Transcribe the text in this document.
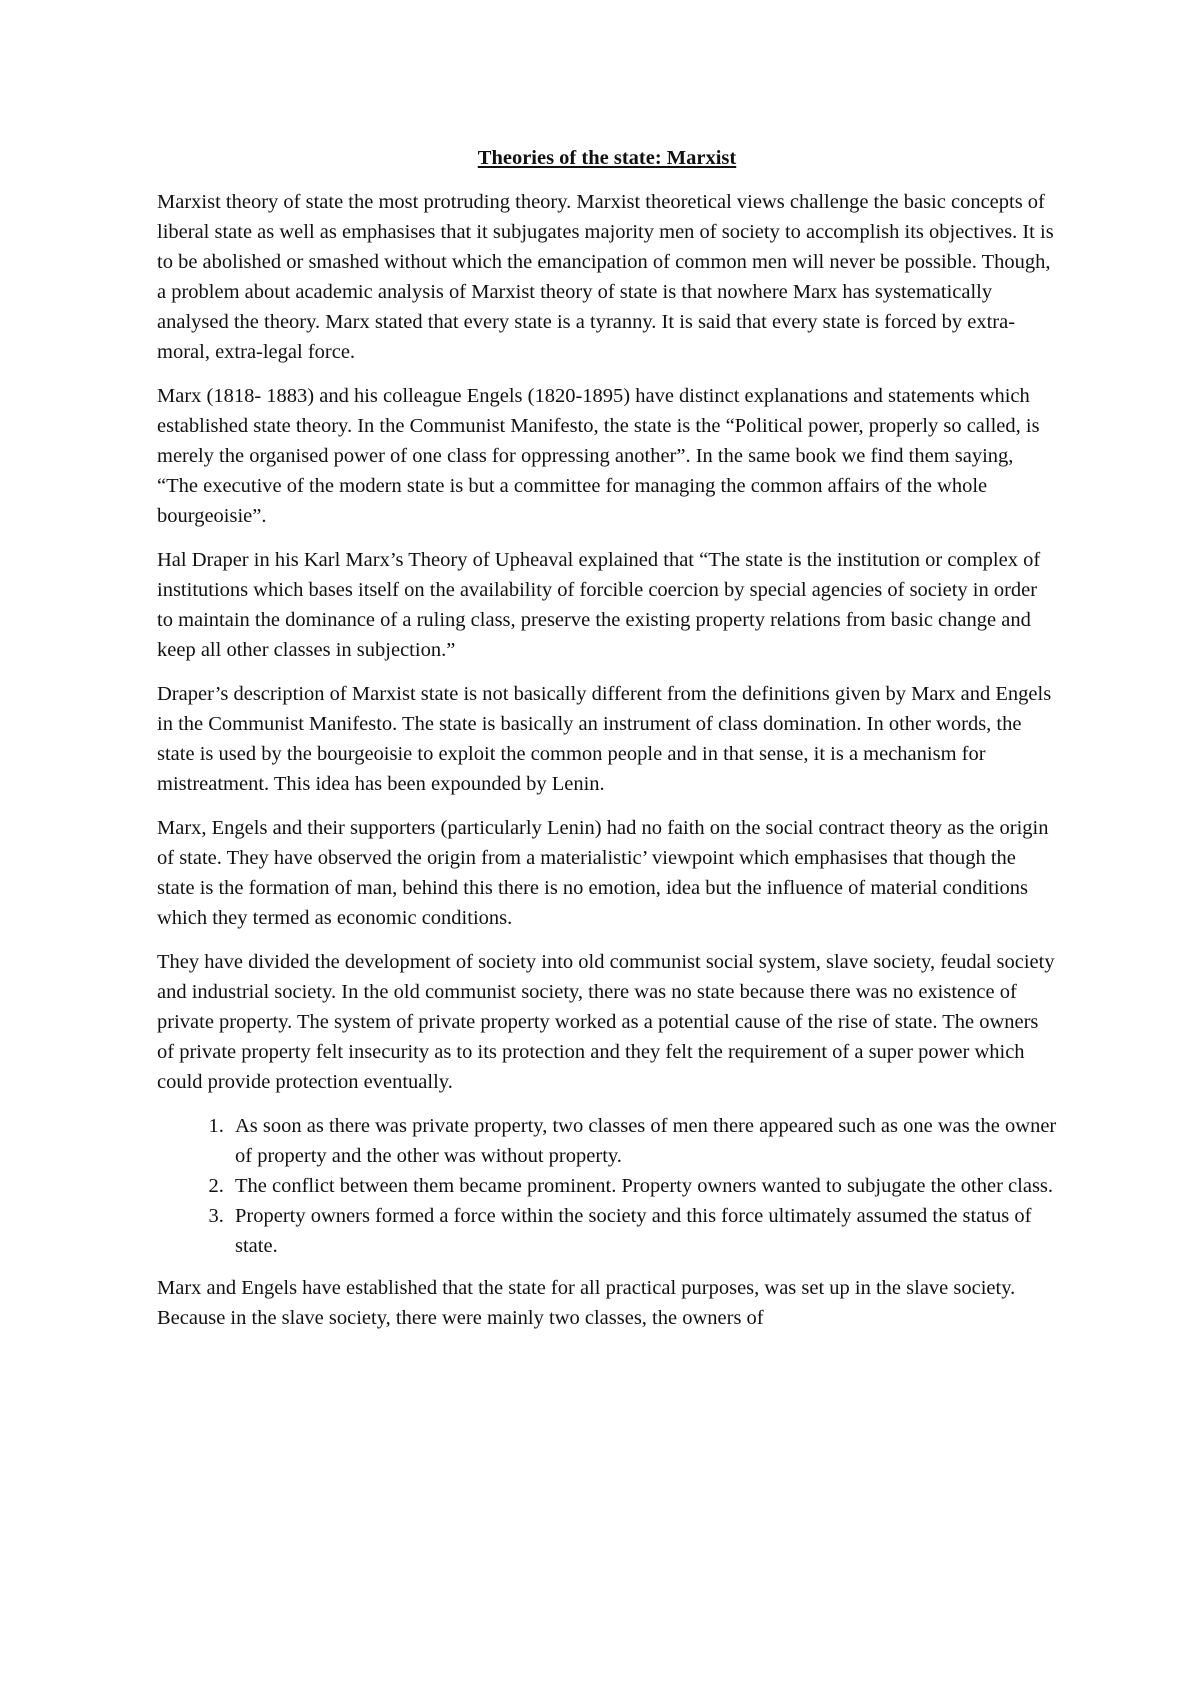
Theories of the state: Marxist

Marxist theory of state the most protruding theory. Marxist theoretical views challenge the basic concepts of liberal state as well as emphasises that it subjugates majority men of society to accomplish its objectives. It is to be abolished or smashed without which the emancipation of common men will never be possible. Though, a problem about academic analysis of Marxist theory of state is that nowhere Marx has systematically analysed the theory. Marx stated that every state is a tyranny. It is said that every state is forced by extra-moral, extra-legal force.

Marx (1818- 1883) and his colleague Engels (1820-1895) have distinct explanations and statements which established state theory. In the Communist Manifesto, the state is the “Political power, properly so called, is merely the organised power of one class for oppressing another”. In the same book we find them saying, “The executive of the modern state is but a committee for managing the common affairs of the whole bourgeoisie”.

Hal Draper in his Karl Marx’s Theory of Upheaval explained that “The state is the institution or complex of institutions which bases itself on the availability of forcible coercion by special agencies of society in order to maintain the dominance of a ruling class, preserve the existing property relations from basic change and keep all other classes in subjection.”

Draper’s description of Marxist state is not basically different from the definitions given by Marx and Engels in the Communist Manifesto. The state is basically an instrument of class domination. In other words, the state is used by the bourgeoisie to exploit the common people and in that sense, it is a mechanism for mistreatment. This idea has been expounded by Lenin.

Marx, Engels and their supporters (particularly Lenin) had no faith on the social contract theory as the origin of state. They have observed the origin from a materialistic’ viewpoint which emphasises that though the state is the formation of man, behind this there is no emotion, idea but the influence of material conditions which they termed as economic conditions.

They have divided the development of society into old communist social system, slave society, feudal society and industrial society. In the old communist society, there was no state because there was no existence of private property. The system of private property worked as a potential cause of the rise of state. The owners of private property felt insecurity as to its protection and they felt the requirement of a super power which could provide protection eventually.

1. As soon as there was private property, two classes of men there appeared such as one was the owner of property and the other was without property.
2. The conflict between them became prominent. Property owners wanted to subjugate the other class.
3. Property owners formed a force within the society and this force ultimately assumed the status of state.

Marx and Engels have established that the state for all practical purposes, was set up in the slave society. Because in the slave society, there were mainly two classes, the owners of
